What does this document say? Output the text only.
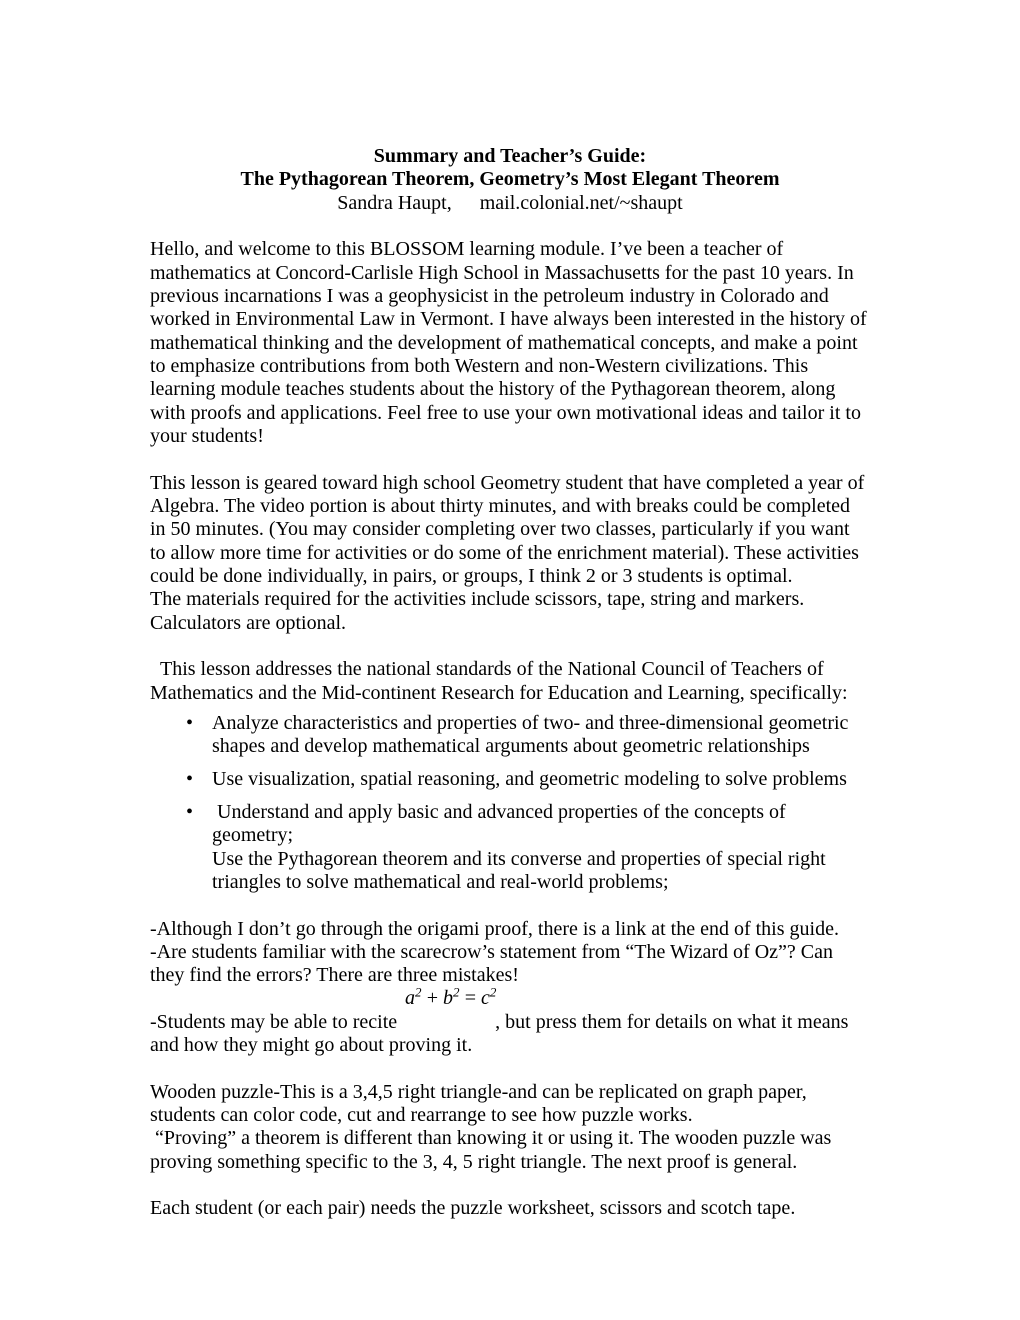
Summary and Teacher’s Guide:
The Pythagorean Theorem, Geometry’s Most Elegant Theorem
Sandra Haupt, mail.colonial.net/~shaupt
Hello, and welcome to this BLOSSOM learning module. I’ve been a teacher of
mathematics at Concord-Carlisle High School in Massachusetts for the past 10 years. In
previous incarnations I was a geophysicist in the petroleum industry in Colorado and
worked in Environmental Law in Vermont. I have always been interested in the history of
mathematical thinking and the development of mathematical concepts, and make a point
to emphasize contributions from both Western and non-Western civilizations. This
learning module teaches students about the history of the Pythagorean theorem, along
with proofs and applications. Feel free to use your own motivational ideas and tailor it to
your students!
This lesson is geared toward high school Geometry student that have completed a year of
Algebra. The video portion is about thirty minutes, and with breaks could be completed
in 50 minutes. (You may consider completing over two classes, particularly if you want
to allow more time for activities or do some of the enrichment material). These activities
could be done individually, in pairs, or groups, I think 2 or 3 students is optimal.
The materials required for the activities include scissors, tape, string and markers.
Calculators are optional.
This lesson addresses the national standards of the National Council of Teachers of
Mathematics and the Mid-continent Research for Education and Learning, specifically:
• Analyze characteristics and properties of two- and three-dimensional geometric
shapes and develop mathematical arguments about geometric relationships
• Use visualization, spatial reasoning, and geometric modeling to solve problems
• Understand and apply basic and advanced properties of the concepts of geometry;
Use the Pythagorean theorem and its converse and properties of special right
triangles to solve mathematical and real-world problems;
-Although I don’t go through the origami proof, there is a link at the end of this guide.
-Are students familiar with the scarecrow’s statement from “The Wizard of Oz”? Can
they find the errors? There are three mistakes!
$a^2 + b^2 = c^2$
-Students may be able to recite	, but press them for details on what it means
and how they might go about proving it.
Wooden puzzle-This is a 3,4,5 right triangle-and can be replicated on graph paper,
students can color code, cut and rearrange to see how puzzle works.
“Proving” a theorem is different than knowing it or using it. The wooden puzzle was
proving something specific to the 3, 4, 5 right triangle. The next proof is general.
Each student (or each pair) needs the puzzle worksheet, scissors and scotch tape.
